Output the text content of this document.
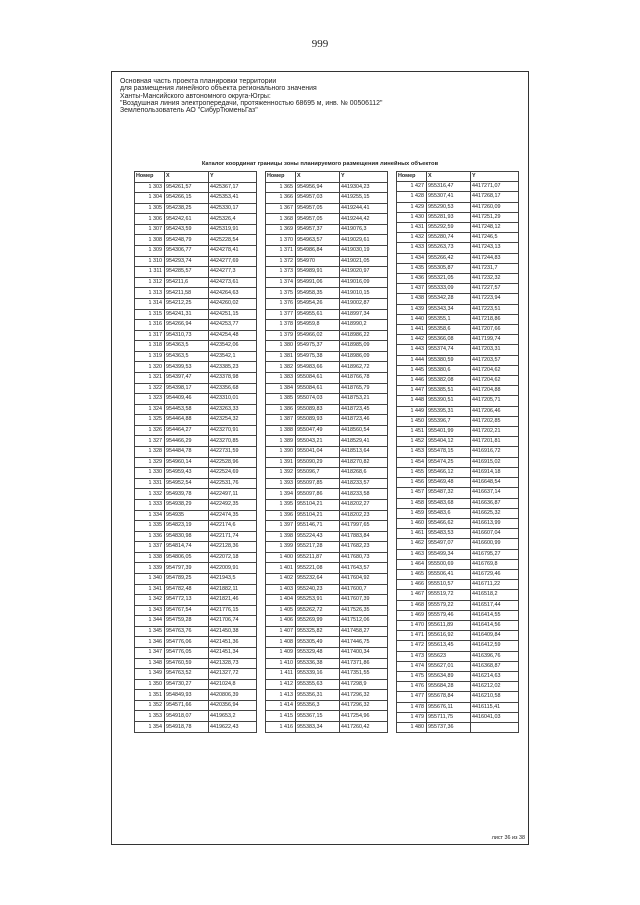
999
Основная часть проекта планировки территории
для размещения линейного объекта регионального значения
Ханты-Мансийского автономного округа-Югры:
"Воздушная линия электропередачи, протяженностью 68695 м, инв. № 00506112"
Землепользователь АО "СибурТюменьГаз"
Каталог координат границы зоны планируемого размещения линейных объектов
Номер	X	Y	
1 303	954261,57	4425367,17	
1 304	954266,15	4425353,41	
1 305	954238,25	4425330,17	
1 306	954242,61	4425326,4	
1 307	954243,59	4425319,91	
1 308	954248,79	4425228,54	
1 309	954306,77	4424278,41	
1 310	954293,74	4424277,69	
1 311	954285,57	4424277,3	
1 312	954211,6	4424273,61	
1 313	954211,58	4424264,63	
1 314	954212,25	4424260,02	
1 315	954241,31	4424251,15	
1 316	954266,94	4424253,77	
1 317	954310,73	4424254,48	
1 318	954363,5	4423542,06	
1 319	954363,5	4423542,1	
1 320	954399,53	4423385,23	
1 321	954397,47	4423378,98	
1 322	954398,17	4423356,68	
1 323	954409,46	4423310,01	
1 324	954453,58	4423263,33	
1 325	954464,88	4423254,32	
1 326	954464,27	4423270,91	
1 327	954466,29	4423270,85	
1 328	954484,78	4422731,59	
1 329	954960,14	4422528,96	
1 330	954959,43	4422524,69	
1 331	954952,54	4422531,76	
1 332	954939,78	4422497,11	
1 333	954938,29	4422492,35	
1 334	954935	4422474,35	
1 335	954823,19	4422174,6	
1 336	954830,98	4422171,74	
1 337	954814,74	4422128,36	
1 338	954806,05	4422072,18	
1 339	954797,39	4422009,91	
1 340	954789,25	4421943,5	
1 341	954782,48	4421882,11	
1 342	954772,13	4421821,46	
1 343	954767,54	4421776,15	
1 344	954759,28	4421706,74	
1 345	954763,76	4421450,38	
1 346	954776,06	4421451,36	
1 347	954776,05	4421451,34	
1 348	954760,59	4421328,73	
1 349	954763,52	4421327,72	
1 350	954730,27	4421024,8	
1 351	954849,93	4420806,39	
1 352	954571,66	4420356,94	
1 353	954918,07	4419653,2	
1 354	954918,78	4419622,43	
Номер	X	Y	
1 365	954956,94	4419304,23	
1 366	954957,03	4419255,15	
1 367	954957,05	4419244,41	
1 368	954957,05	4419244,42	
1 369	954957,37	4419076,3	
1 370	954963,57	4419029,61	
1 371	954986,84	4419030,19	
1 372	954970	4419021,05	
1 373	954989,91	4419020,97	
1 374	954991,06	4419016,09	
1 375	954958,35	4419010,15	
1 376	954954,26	4419002,87	
1 377	954955,61	4418997,34	
1 378	954959,8	4418990,2	
1 379	954966,02	4418986,22	
1 380	954975,37	4418985,09	
1 381	954975,38	4418986,09	
1 382	954983,66	4418962,72	
1 383	955084,61	4418766,78	
1 384	955084,61	4418765,79	
1 385	955074,03	4418753,21	
1 386	955089,83	4418723,45	
1 387	955089,93	4418723,46	
1 388	955047,49	4418560,54	
1 389	955043,21	4418529,41	
1 390	955041,04	4418513,64	
1 391	955090,29	4418270,82	
1 392	955096,7	4418268,6	
1 393	955097,85	4418233,57	
1 394	955097,86	4418233,58	
1 395	955104,21	4418202,27	
1 396	955104,21	4418202,23	
1 397	955146,71	4417997,65	
1 398	955224,43	4417883,84	
1 399	955217,28	4417682,23	
1 400	955211,87	4417680,73	
1 401	955221,08	4417643,57	
1 402	955232,64	4417604,92	
1 403	955240,23	4417600,7	
1 404	955253,91	4417607,39	
1 405	955262,72	4417526,35	
1 406	955269,99	4417512,06	
1 407	955325,82	4417458,27	
1 408	955305,49	4417446,75	
1 409	955329,48	4417400,34	
1 410	955336,38	4417371,86	
1 411	955339,16	4417351,55	
1 412	955355,63	4417298,9	
1 413	955356,31	4417296,32	
1 414	955356,3	4417296,32	
1 415	955367,15	4417254,96	
1 416	955383,34	4417260,42	
Номер	X	Y	
1 427	955316,47	4417271,07	
1 428	955307,41	4417268,17	
1 429	955290,53	4417260,09	
1 430	955281,93	4417251,29	
1 431	955292,59	4417248,12	
1 432	955280,74	4417246,5	
1 433	955263,73	4417243,13	
1 434	955266,42	4417244,83	
1 435	955305,87	4417231,7	
1 436	955321,05	4417232,32	
1 437	955333,09	4417227,57	
1 438	955342,28	4417223,94	
1 439	955343,34	4417223,51	
1 440	955355,1	4417218,86	
1 441	955358,6	4417207,66	
1 442	955366,08	4417199,74	
1 443	955374,74	4417203,31	
1 444	955380,59	4417203,57	
1 445	955380,6	4417204,62	
1 446	955382,08	4417204,62	
1 447	955385,51	4417204,88	
1 448	955390,51	4417205,71	
1 449	955395,31	4417206,46	
1 450	955396,7	4417202,85	
1 451	955401,99	4417202,21	
1 452	955404,12	4417201,81	
1 453	955478,15	4416916,72	
1 454	955474,25	4416915,02	
1 455	955466,12	4416914,18	
1 456	955469,48	4416648,54	
1 457	955487,32	4416637,14	
1 458	955483,68	4416636,87	
1 459	955483,6	4416625,32	
1 460	955466,62	4416613,99	
1 461	955483,53	4416607,04	
1 462	955497,07	4416600,99	
1 463	955499,34	4416795,27	
1 464	955500,69	4416769,8	
1 465	955506,41	4416729,46	
1 466	955510,57	4416711,22	
1 467	955519,72	4416518,2	
1 468	955579,22	4416517,44	
1 469	955579,46	4416414,55	
1 470	955611,89	4416414,56	
1 471	955616,92	4416409,84	
1 472	955613,45	4416412,59	
1 473	955623	4416396,76	
1 474	955627,01	4416368,87	
1 475	955634,89	4416214,63	
1 476	955684,28	4416212,02	
1 477	955678,84	4416210,58	
1 478	955676,11	4416115,41	
1 479	955711,75	4416041,03	
1 480	955737,36		
лист 36 из 38
